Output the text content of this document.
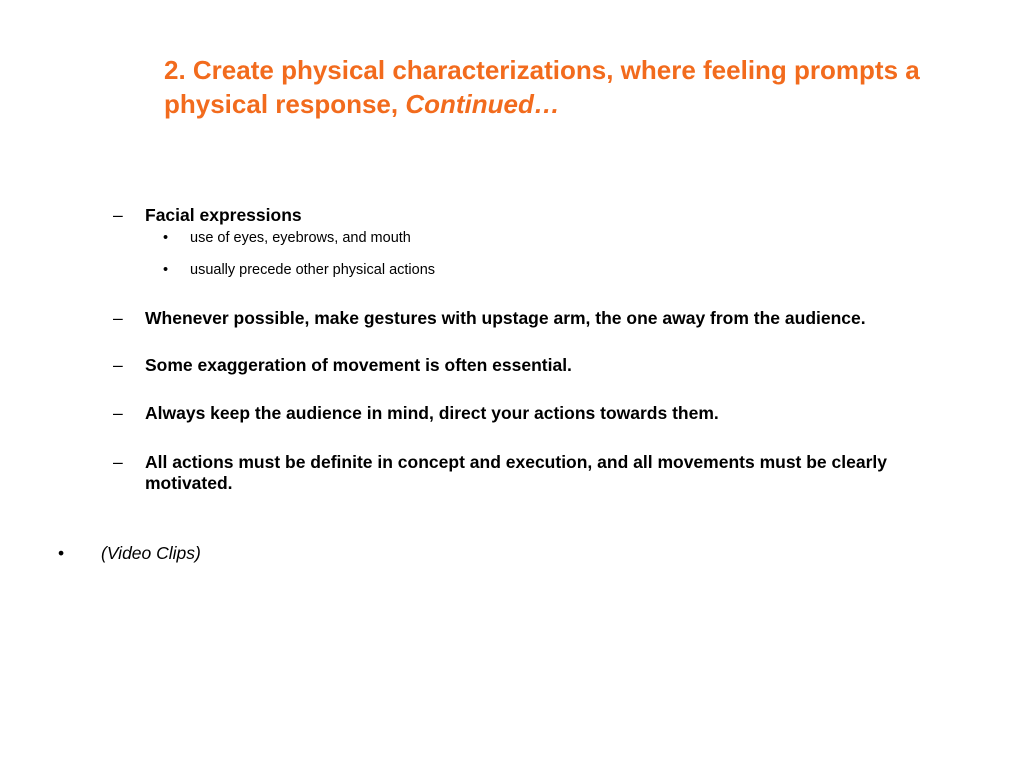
2. Create physical characterizations, where feeling prompts a physical response, Continued…
– Facial expressions
• use of eyes, eyebrows, and mouth
• usually precede other physical actions
– Whenever possible, make gestures with upstage arm, the one away from the audience.
– Some exaggeration of movement is often essential.
– Always keep the audience in mind, direct your actions towards them.
– All actions must be definite in concept and execution, and all movements must be clearly motivated.
• (Video Clips)
